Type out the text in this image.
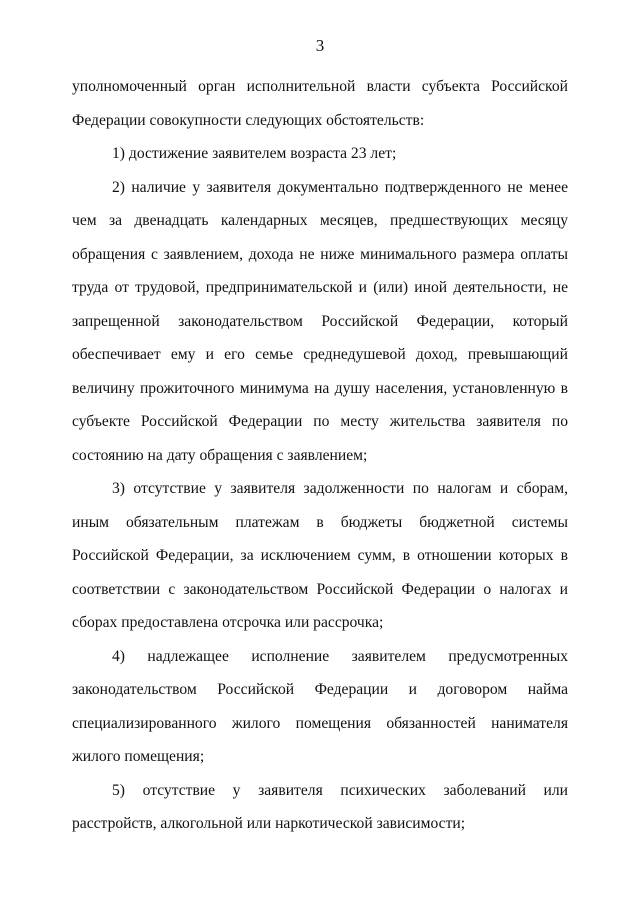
3

уполномоченный орган исполнительной власти субъекта Российской Федерации совокупности следующих обстоятельств:

1) достижение заявителем возраста 23 лет;

2) наличие у заявителя документально подтвержденного не менее чем за двенадцать календарных месяцев, предшествующих месяцу обращения с заявлением, дохода не ниже минимального размера оплаты труда от трудовой, предпринимательской и (или) иной деятельности, не запрещенной законодательством Российской Федерации, который обеспечивает ему и его семье среднедушевой доход, превышающий величину прожиточного минимума на душу населения, установленную в субъекте Российской Федерации по месту жительства заявителя по состоянию на дату обращения с заявлением;

3) отсутствие у заявителя задолженности по налогам и сборам, иным обязательным платежам в бюджеты бюджетной системы Российской Федерации, за исключением сумм, в отношении которых в соответствии с законодательством Российской Федерации о налогах и сборах предоставлена отсрочка или рассрочка;

4) надлежащее исполнение заявителем предусмотренных законодательством Российской Федерации и договором найма специализированного жилого помещения обязанностей нанимателя жилого помещения;

5) отсутствие у заявителя психических заболеваний или расстройств, алкогольной или наркотической зависимости;
